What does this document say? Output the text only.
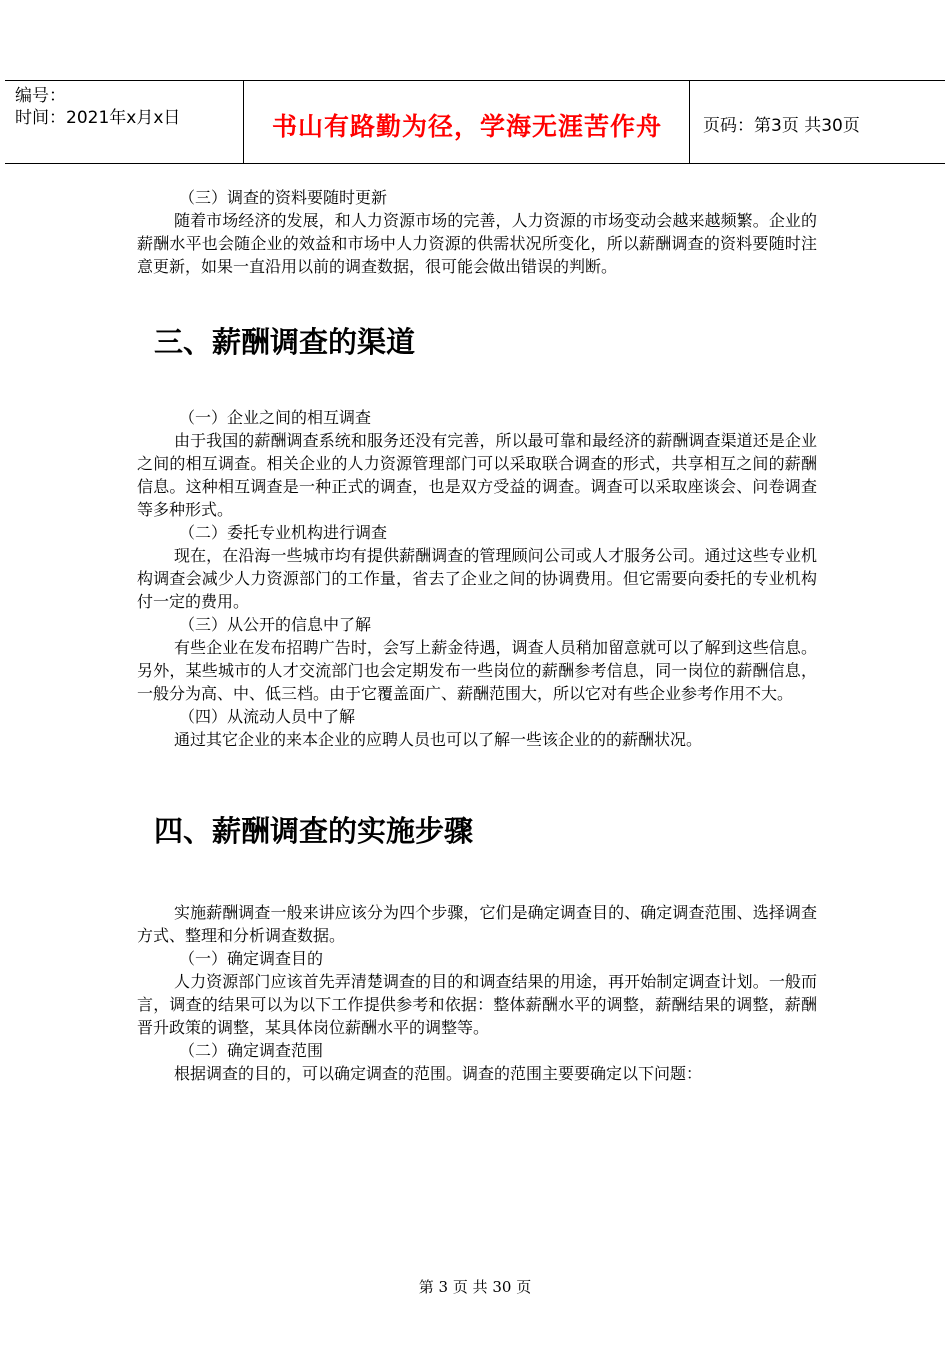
编号：
时间：2021年x月x日	书山有路勤为径，学海无涯苦作舟	页码：第3页 共30页

（三）调查的资料要随时更新

随着市场经济的发展，和人力资源市场的完善，人力资源的市场变动会越来越频繁。企业的薪酬水平也会随企业的效益和市场中人力资源的供需状况所变化，所以薪酬调查的资料要随时注意更新，如果一直沿用以前的调查数据，很可能会做出错误的判断。

三、薪酬调查的渠道

（一）企业之间的相互调查

由于我国的薪酬调查系统和服务还没有完善，所以最可靠和最经济的薪酬调查渠道还是企业之间的相互调查。相关企业的人力资源管理部门可以采取联合调查的形式，共享相互之间的薪酬信息。这种相互调查是一种正式的调查，也是双方受益的调查。调查可以采取座谈会、问卷调查等多种形式。

（二）委托专业机构进行调查

现在，在沿海一些城市均有提供薪酬调查的管理顾问公司或人才服务公司。通过这些专业机构调查会减少人力资源部门的工作量，省去了企业之间的协调费用。但它需要向委托的专业机构付一定的费用。

（三）从公开的信息中了解

有些企业在发布招聘广告时，会写上薪金待遇，调查人员稍加留意就可以了解到这些信息。另外，某些城市的人才交流部门也会定期发布一些岗位的薪酬参考信息，同一岗位的薪酬信息，一般分为高、中、低三档。由于它覆盖面广、薪酬范围大，所以它对有些企业参考作用不大。

（四）从流动人员中了解

通过其它企业的来本企业的应聘人员也可以了解一些该企业的的薪酬状况。

四、薪酬调查的实施步骤

实施薪酬调查一般来讲应该分为四个步骤，它们是确定调查目的、确定调查范围、选择调查方式、整理和分析调查数据。

（一）确定调查目的

人力资源部门应该首先弄清楚调查的目的和调查结果的用途，再开始制定调查计划。一般而言，调查的结果可以为以下工作提供参考和依据：整体薪酬水平的调整，薪酬结果的调整，薪酬晋升政策的调整，某具体岗位薪酬水平的调整等。

（二）确定调查范围

根据调查的目的，可以确定调查的范围。调查的范围主要要确定以下问题：

第 3 页 共 30 页
